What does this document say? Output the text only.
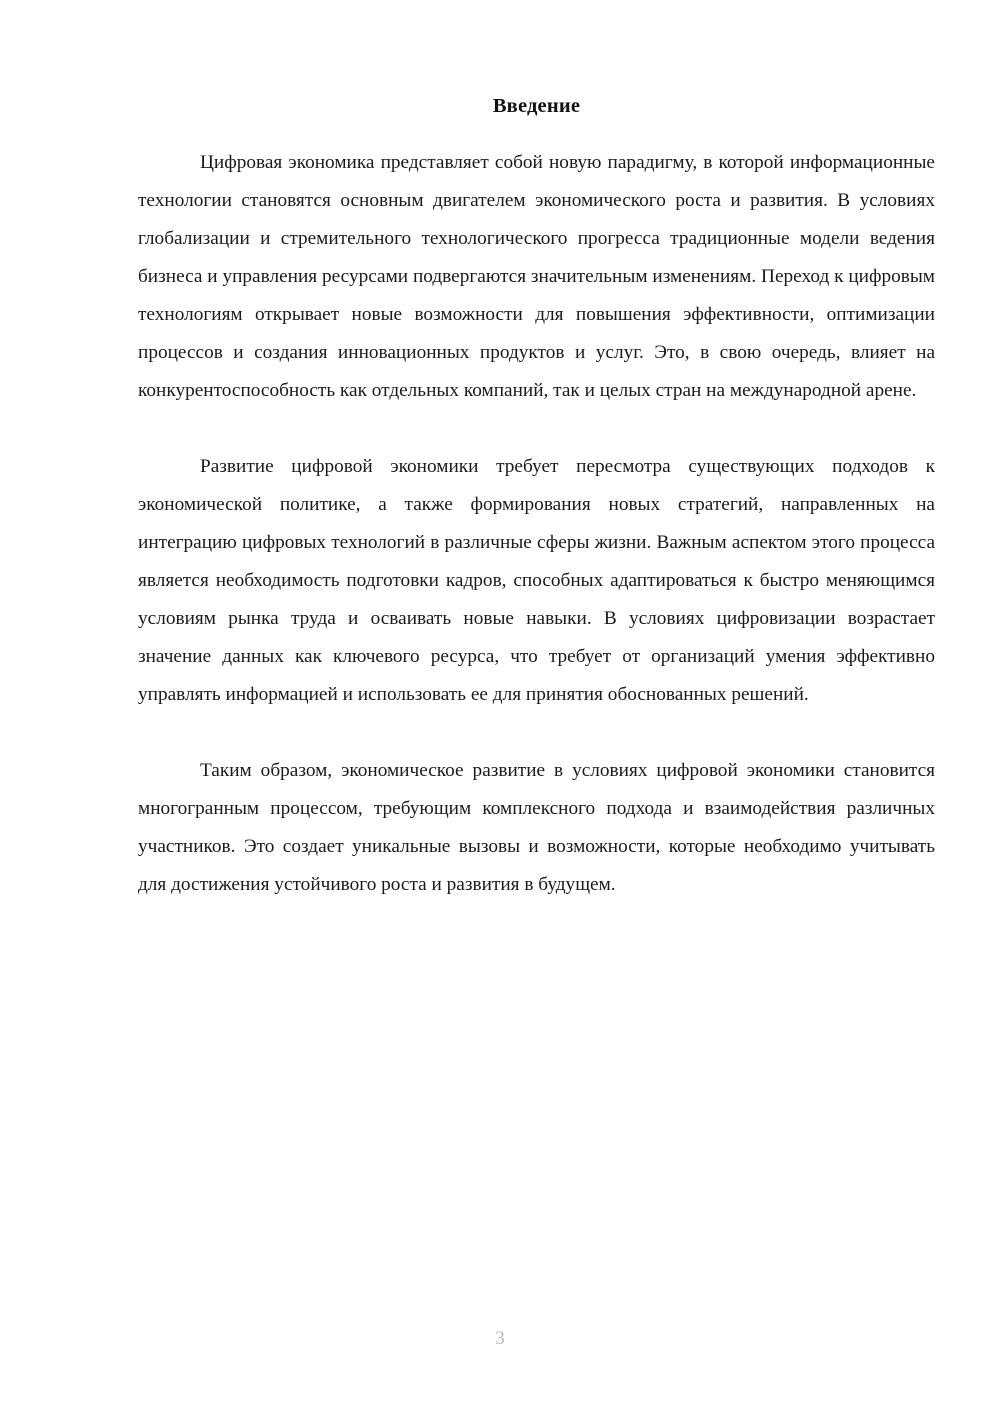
Введение

Цифровая экономика представляет собой новую парадигму, в которой информационные технологии становятся основным двигателем экономического роста и развития. В условиях глобализации и стремительного технологического прогресса традиционные модели ведения бизнеса и управления ресурсами подвергаются значительным изменениям. Переход к цифровым технологиям открывает новые возможности для повышения эффективности, оптимизации процессов и создания инновационных продуктов и услуг. Это, в свою очередь, влияет на конкурентоспособность как отдельных компаний, так и целых стран на международной арене.

Развитие цифровой экономики требует пересмотра существующих подходов к экономической политике, а также формирования новых стратегий, направленных на интеграцию цифровых технологий в различные сферы жизни. Важным аспектом этого процесса является необходимость подготовки кадров, способных адаптироваться к быстро меняющимся условиям рынка труда и осваивать новые навыки. В условиях цифровизации возрастает значение данных как ключевого ресурса, что требует от организаций умения эффективно управлять информацией и использовать ее для принятия обоснованных решений.

Таким образом, экономическое развитие в условиях цифровой экономики становится многогранным процессом, требующим комплексного подхода и взаимодействия различных участников. Это создает уникальные вызовы и возможности, которые необходимо учитывать для достижения устойчивого роста и развития в будущем.

3
